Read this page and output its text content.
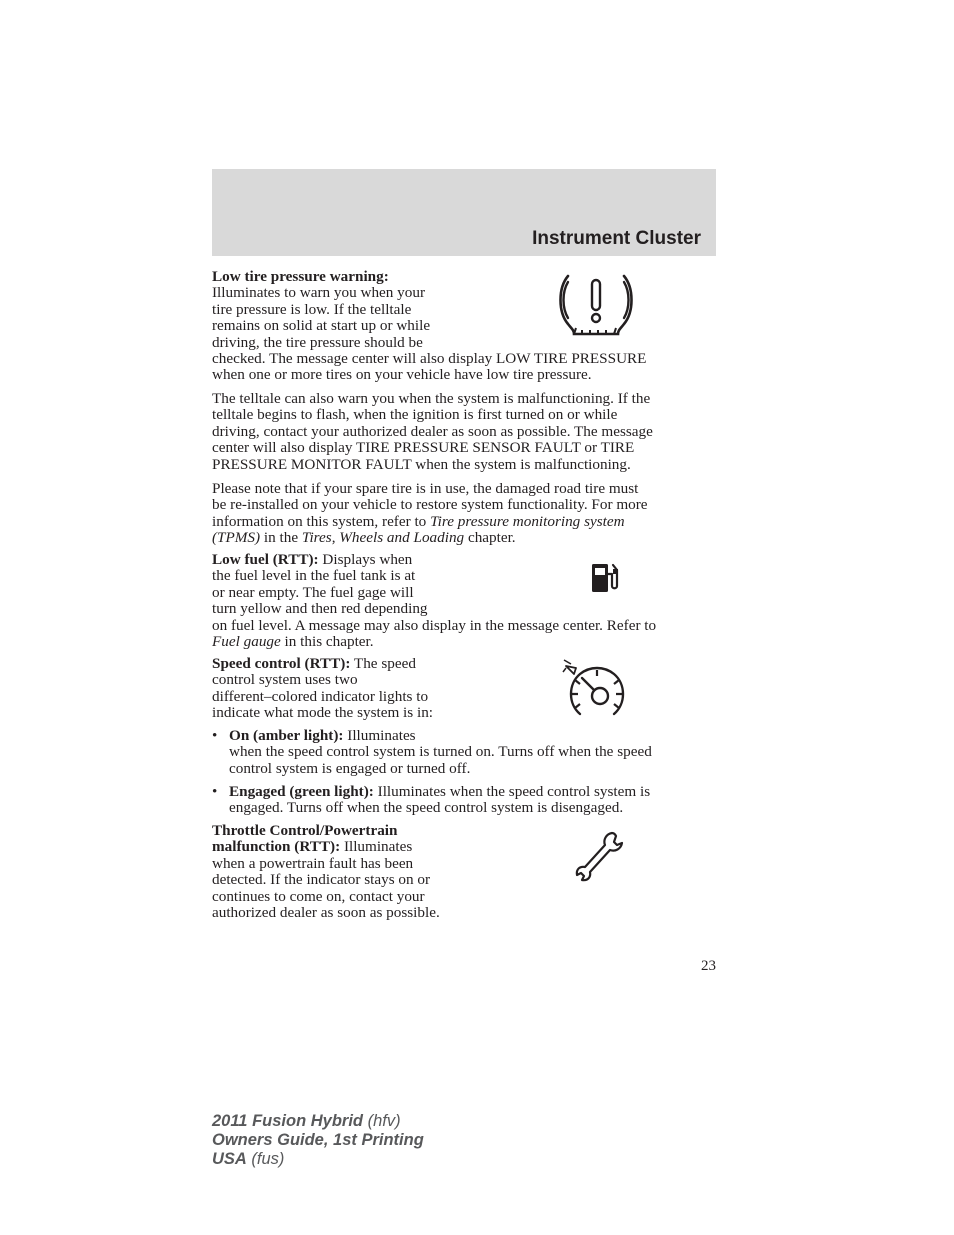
Instrument Cluster
Low tire pressure warning:
Illuminates to warn you when your
tire pressure is low. If the telltale
remains on solid at start up or while
driving, the tire pressure should be
checked. The message center will also display LOW TIRE PRESSURE
when one or more tires on your vehicle have low tire pressure.
The telltale can also warn you when the system is malfunctioning. If the
telltale begins to flash, when the ignition is first turned on or while
driving, contact your authorized dealer as soon as possible. The message
center will also display TIRE PRESSURE SENSOR FAULT or TIRE
PRESSURE MONITOR FAULT when the system is malfunctioning.
Please note that if your spare tire is in use, the damaged road tire must
be re-installed on your vehicle to restore system functionality. For more
information on this system, refer to Tire pressure monitoring system
(TPMS) in the Tires, Wheels and Loading chapter.
Low fuel (RTT): Displays when
the fuel level in the fuel tank is at
or near empty. The fuel gage will
turn yellow and then red depending
on fuel level. A message may also display in the message center. Refer to
Fuel gauge in this chapter.
Speed control (RTT): The speed
control system uses two
different–colored indicator lights to
indicate what mode the system is in:
• On (amber light): Illuminates
when the speed control system is turned on. Turns off when the speed
control system is engaged or turned off.
• Engaged (green light): Illuminates when the speed control system is
engaged. Turns off when the speed control system is disengaged.
Throttle Control/Powertrain
malfunction (RTT): Illuminates
when a powertrain fault has been
detected. If the indicator stays on or
continues to come on, contact your
authorized dealer as soon as possible.
23
2011 Fusion Hybrid (hfv)
Owners Guide, 1st Printing
USA (fus)
